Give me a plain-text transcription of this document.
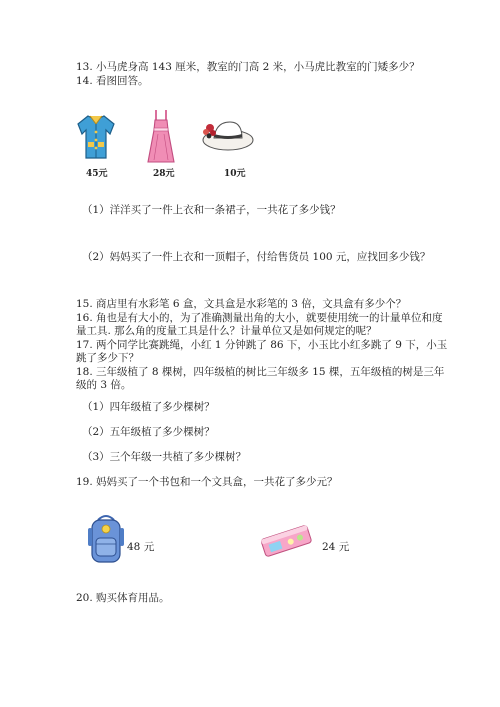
13. 小马虎身高 143 厘米，教室的门高 2 米，小马虎比教室的门矮多少？
14. 看图回答。
45元	28元	10元
（1）洋洋买了一件上衣和一条裙子，一共花了多少钱？
（2）妈妈买了一件上衣和一顶帽子，付给售货员 100 元，应找回多少钱？
15. 商店里有水彩笔 6 盒，文具盒是水彩笔的 3 倍，文具盒有多少个？
16. 角也是有大小的，为了准确测量出角的大小，就要使用统一的计量单位和度
量工具. 那么角的度量工具是什么？计量单位又是如何规定的呢？
17. 两个同学比赛跳绳，小红 1 分钟跳了 86 下，小玉比小红多跳了 9 下，小玉
跳了多少下？
18. 三年级植了 8 棵树，四年级植的树比三年级多 15 棵，五年级植的树是三年
级的 3 倍。
（1）四年级植了多少棵树？
（2）五年级植了多少棵树？
（3）三个年级一共植了多少棵树？
19. 妈妈买了一个书包和一个文具盒，一共花了多少元？
48 元	24 元
20. 购买体育用品。
